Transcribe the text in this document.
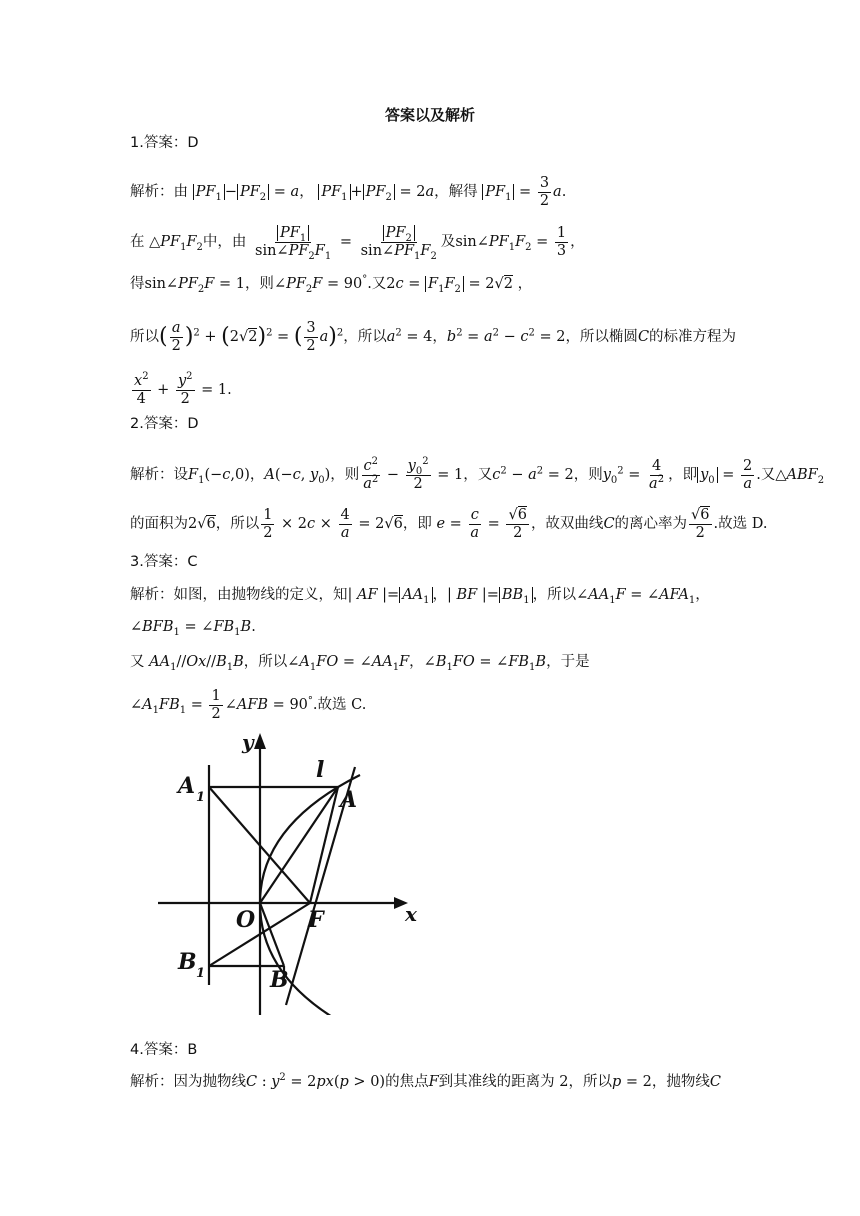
答案以及解析
1.答案：D
解析：由 $PF_1 - PF_2 = a$， $PF_1 + PF_2 = 2a$，解得 $PF_1 = \frac{3}{2} a$.
在 $\triangle PF_1F_2$中，由 $\frac{PF_1}{\sin\angle PF_2F_1} = \frac{PF_2}{\sin\angle PF_1F_2}$ 及$\sin\angle PF_1F_2 = \frac{1}{3}$ ，
得$\sin\angle PF_2F = 1$，则$\angle PF_2F = 90^\circ$.又$2c = F_1F_2 = 2√2$ ，
所以( $\frac{a}{2} )^2 + (2√2)^2$ = ( $\frac{3}{2} a)^2$，所以$a^2 = 4$，$b^2 = a^2 - c^2 = 2$，所以椭圆C的标准方程为
$\frac{x^2}{4} + \frac{y^2}{2} = 1$.
2.答案：D
解析：设$F_1(-c,0)$，A(−c, $y_0$)，则 $\frac{c^2}{a^2} - \frac{y_0^2}{2} = 1$，又$c^2 - a^2 = 2$，则$y_0^2 = \frac{4}{a^2}$ ，即 $y_0 = \frac{2}{a}$ .又$\triangle ABF_2$
的面积为2√6，所以 $\frac{1}{2} \times 2c \times \frac{4}{a} = 2√6$，即 $e = \frac{c}{a} = \frac{√6}{2}$ ，故双曲线C的离心率为 $\frac{√6}{2}$ .故选 D.
3.答案：C
解析：如图，由抛物线的定义，知| AF |= $AA_1$ ，| BF |= $BB_1$ ，所以$\angle AA_1F$ = $\angle AFA_1$，
$\angle BFB_1$ = $\angle FB_1B$.
又 $AA_1//Ox//B_1B$，所以$\angle A_1FO$ = $\angle AA_1F$，$\angle B_1FO$ = $\angle FB_1B$，于是
$\angle A_1FB_1 = \frac{1}{2}$ ∠AFB = 90°.故选 C.
y
x
l
A 1	A
O F
B 1	B
4.答案：B
解析：因为抛物线C : $y^2 = 2px(p > 0)$的焦点F到其准线的距离为 2，所以p = 2，抛物线C
